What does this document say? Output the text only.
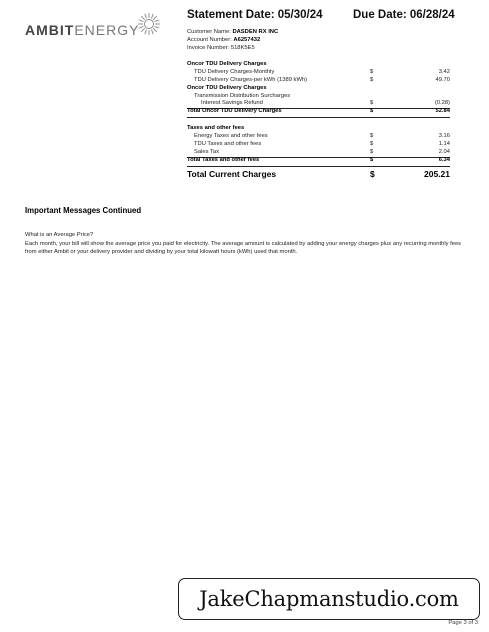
AMBITENERGY
Statement Date: 05/30/24	Due Date: 06/28/24
Customer Name: DASDEN RX INC
Account Number: A6257432
Invoice Number: 518K5E5
Oncor TDU Delivery Charges
TDU Delivery Charges-Monthly	$	3.42
TDU Delivery Charges-per kWh (1389 kWh)	$	49.70
Oncor TDU Delivery Charges
Transmission Distribution Surcharges
Interest Savings Refund	$	(0.28)
Total Oncor TDU Delivery Charges	$	52.84
Taxes and other fees
Energy Taxes and other fees	$	3.16
TDU Taxes and other fees	$	1.14
Sales Tax	$	2.04
Total Taxes and other fees	$	6.34
Total Current Charges	$	205.21
Important Messages Continued
What is an Average Price?
Each month, your bill will show the average price you paid for electricity. The average amount is calculated by adding your energy charges plus any recurring monthly fees from either Ambit or your delivery provider and dividing by your total kilowatt hours (kWh) used that month.
JakeChapmanstudio.com
Page 3 of 3
